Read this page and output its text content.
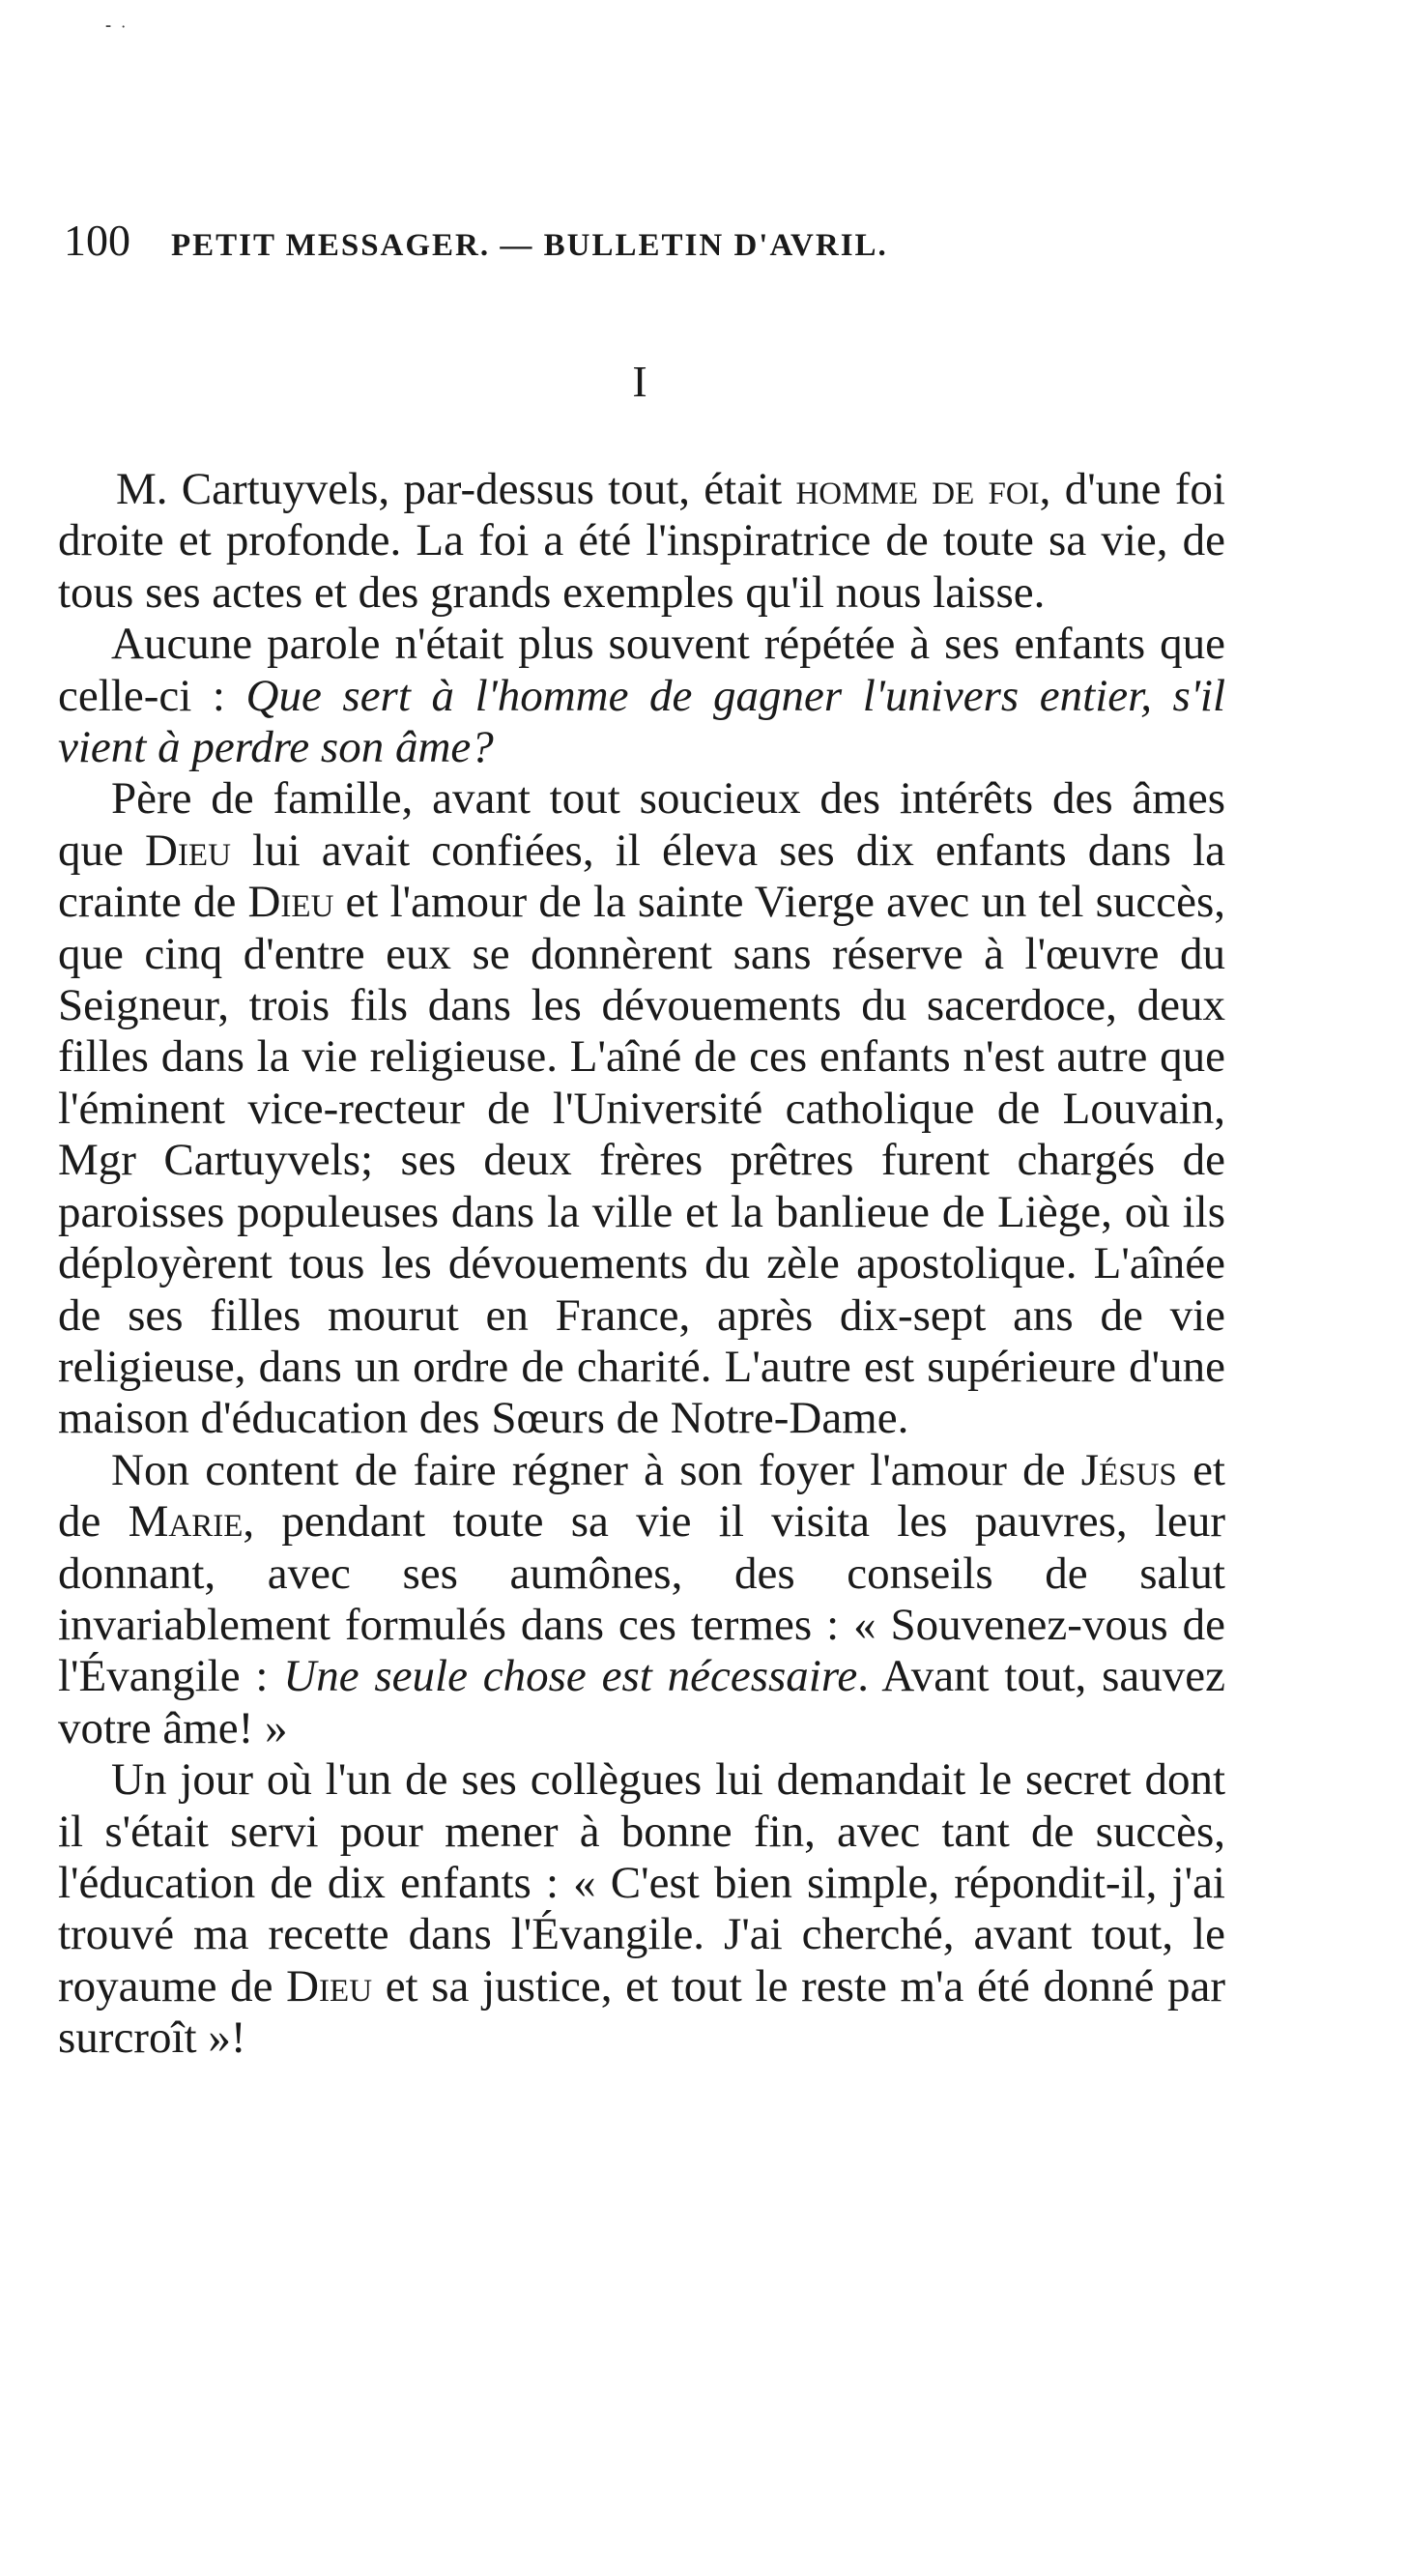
⁃ ·
100 PETIT MESSAGER. — BULLETIN D'AVRIL.
I

M. Cartuyvels, par-dessus tout, était homme de foi, d'une foi droite et profonde. La foi a été l'inspiratrice de toute sa vie, de tous ses actes et des grands exemples qu'il nous laisse.

Aucune parole n'était plus souvent répétée à ses enfants que celle-ci : Que sert à l'homme de gagner l'univers entier, s'il vient à perdre son âme?

Père de famille, avant tout soucieux des intérêts des âmes que Dieu lui avait confiées, il éleva ses dix enfants dans la crainte de Dieu et l'amour de la sainte Vierge avec un tel succès, que cinq d'entre eux se donnèrent sans réserve à l'œuvre du Seigneur, trois fils dans les dévouements du sacerdoce, deux filles dans la vie religieuse. L'aîné de ces enfants n'est autre que l'éminent vice-recteur de l'Université catholique de Louvain, Mgr Cartuyvels; ses deux frères prêtres furent chargés de paroisses populeuses dans la ville et la banlieue de Liège, où ils déployèrent tous les dévouements du zèle apostolique. L'aînée de ses filles mourut en France, après dix-sept ans de vie religieuse, dans un ordre de charité. L'autre est supérieure d'une maison d'éducation des Sœurs de Notre-Dame.

Non content de faire régner à son foyer l'amour de Jésus et de Marie, pendant toute sa vie il visita les pauvres, leur donnant, avec ses aumônes, des conseils de salut invariablement formulés dans ces termes : « Souvenez-vous de l'Évangile : Une seule chose est nécessaire. Avant tout, sauvez votre âme! »

Un jour où l'un de ses collègues lui demandait le secret dont il s'était servi pour mener à bonne fin, avec tant de succès, l'éducation de dix enfants : « C'est bien simple, répondit-il, j'ai trouvé ma recette dans l'Évangile. J'ai cherché, avant tout, le royaume de Dieu et sa justice, et tout le reste m'a été donné par surcroît »!
